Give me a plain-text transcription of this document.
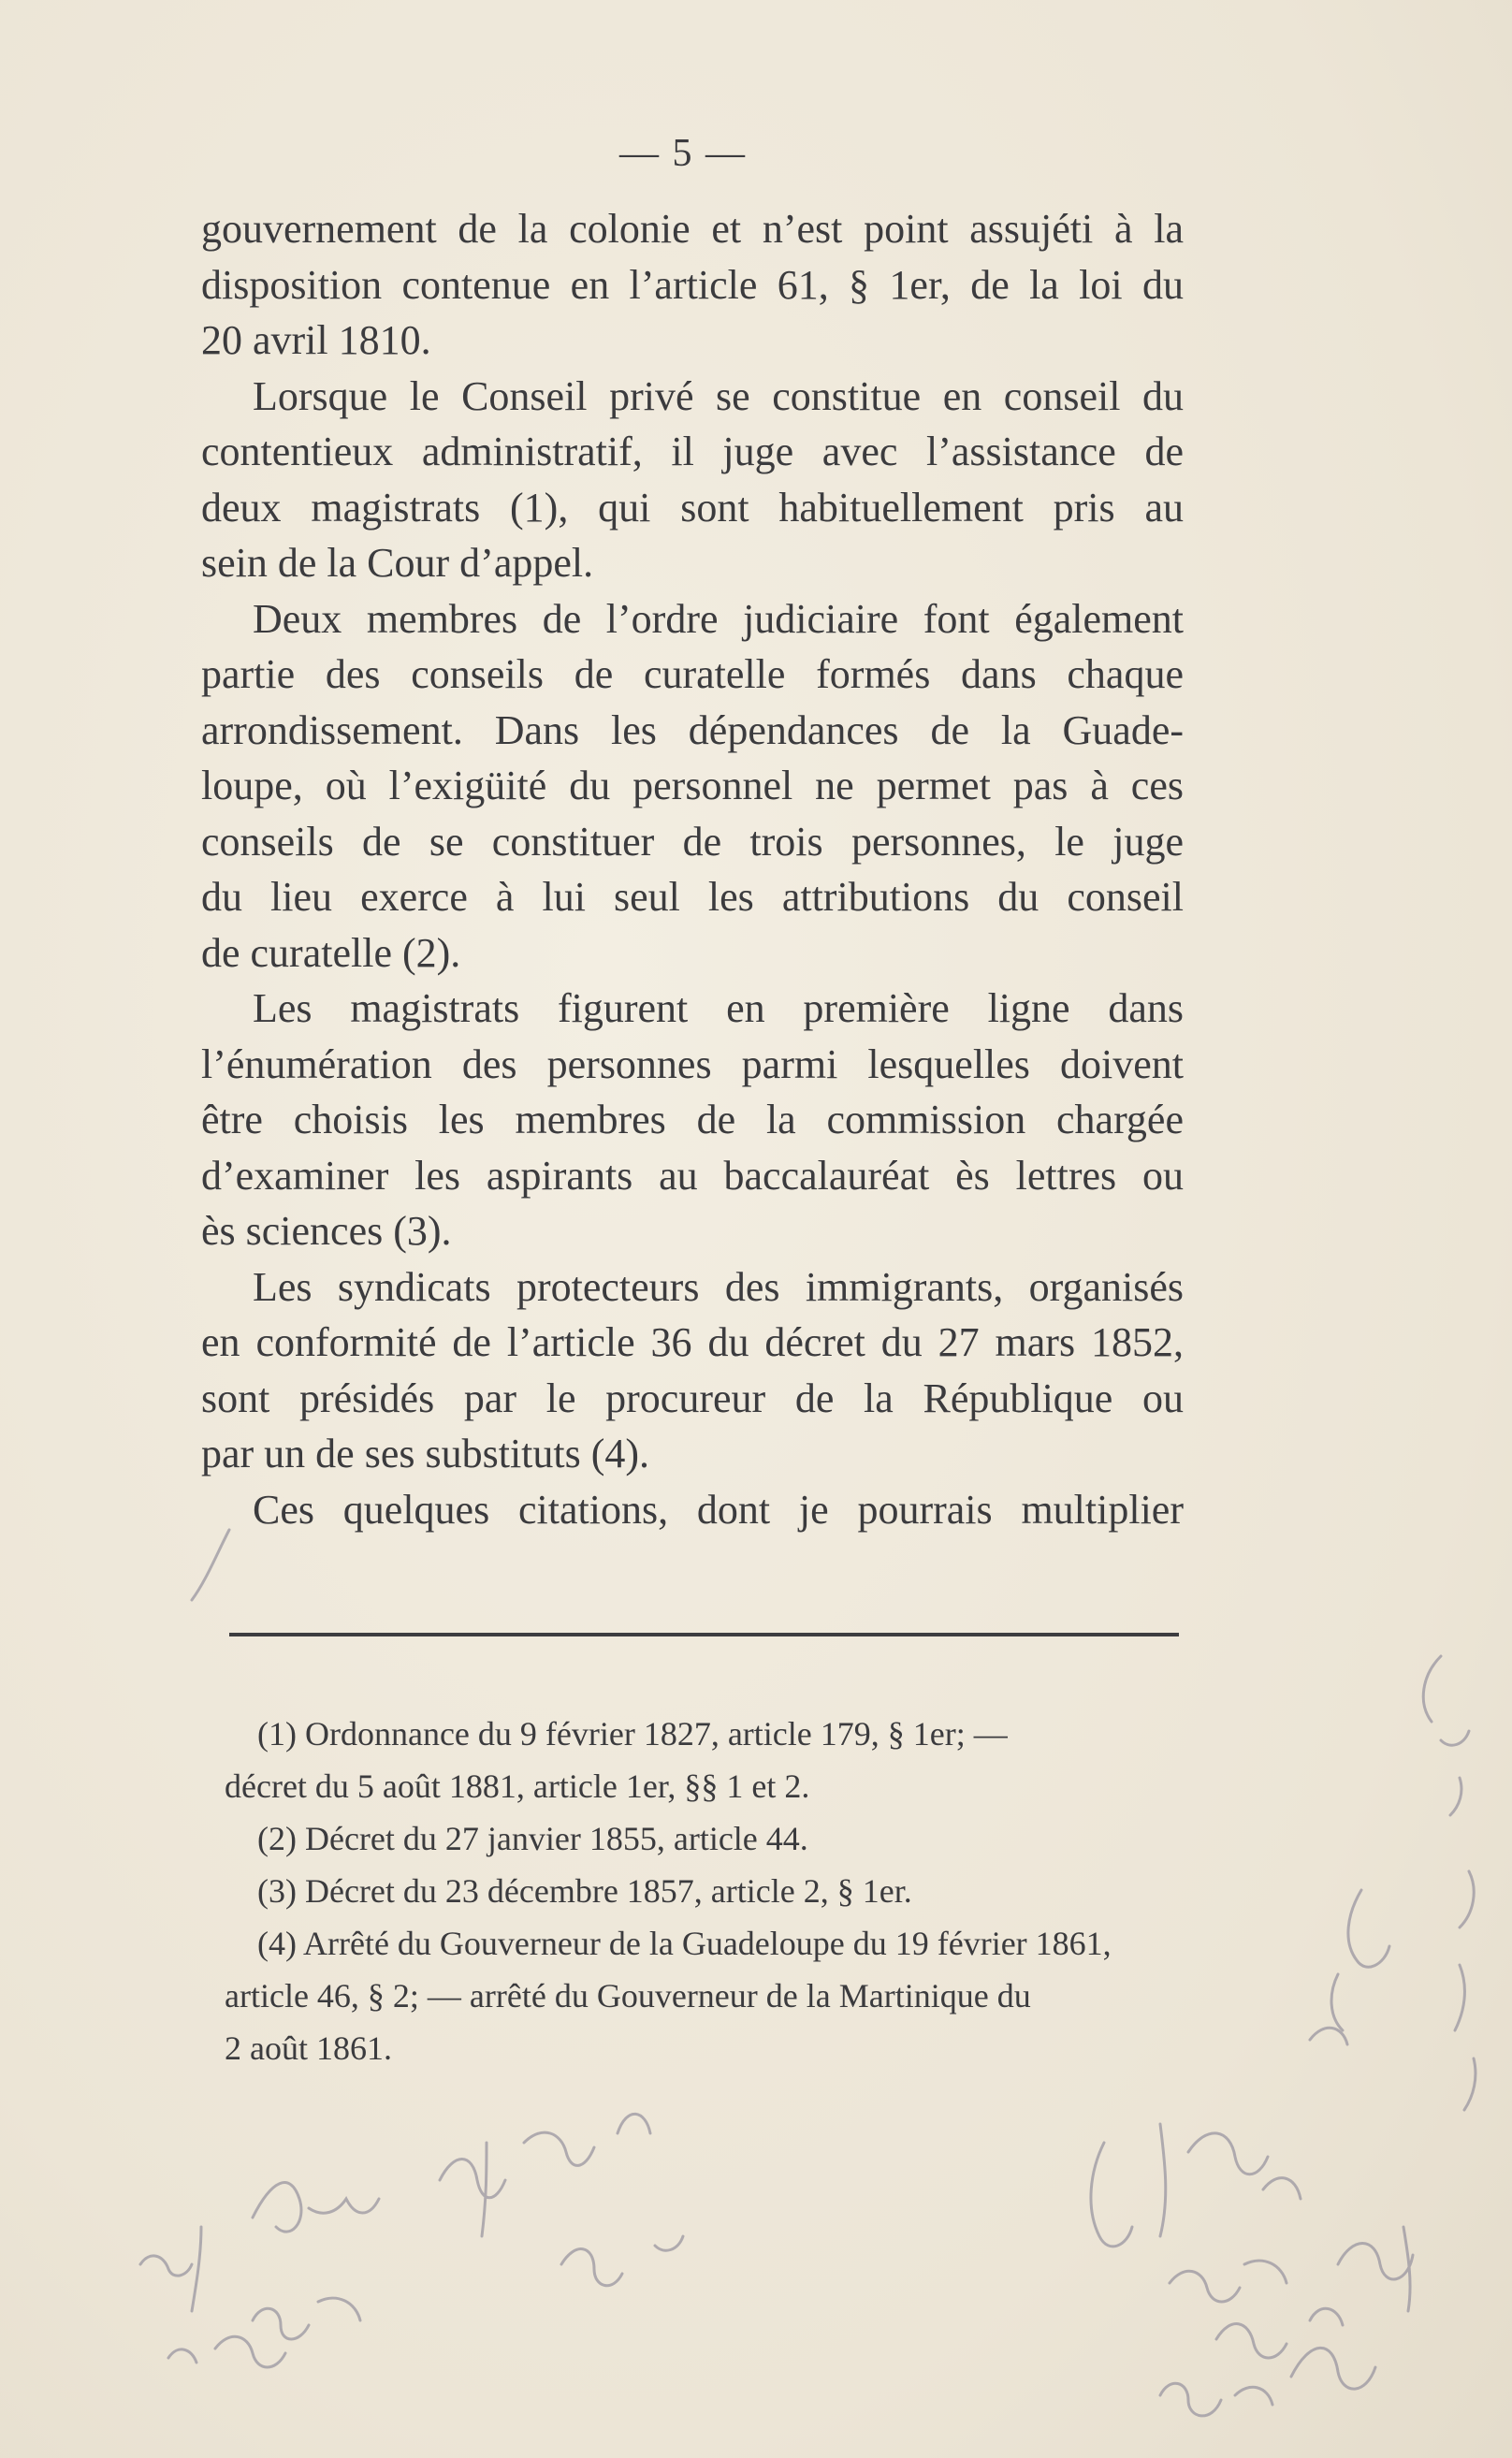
— 5 —
gouvernement de la colonie et n’est point assujéti à la
disposition contenue en l’article 61, § 1er, de la loi du
20 avril 1810.
Lorsque le Conseil privé se constitue en conseil du
contentieux administratif, il juge avec l’assistance de
deux magistrats (1), qui sont habituellement pris au
sein de la Cour d’appel.
Deux membres de l’ordre judiciaire font également
partie des conseils de curatelle formés dans chaque
arrondissement. Dans les dépendances de la Guade-
loupe, où l’exigüité du personnel ne permet pas à ces
conseils de se constituer de trois personnes, le juge
du lieu exerce à lui seul les attributions du conseil
de curatelle (2).
Les magistrats figurent en première ligne dans
l’énumération des personnes parmi lesquelles doivent
être choisis les membres de la commission chargée
d’examiner les aspirants au baccalauréat ès lettres ou
ès sciences (3).
Les syndicats protecteurs des immigrants, organisés
en conformité de l’article 36 du décret du 27 mars 1852,
sont présidés par le procureur de la République ou
par un de ses substituts (4).
Ces quelques citations, dont je pourrais multiplier
(1) Ordonnance du 9 février 1827, article 179, § 1er; —
décret du 5 août 1881, article 1er, §§ 1 et 2.
(2) Décret du 27 janvier 1855, article 44.
(3) Décret du 23 décembre 1857, article 2, § 1er.
(4) Arrêté du Gouverneur de la Guadeloupe du 19 février 1861,
article 46, § 2; — arrêté du Gouverneur de la Martinique du
2 août 1861.
